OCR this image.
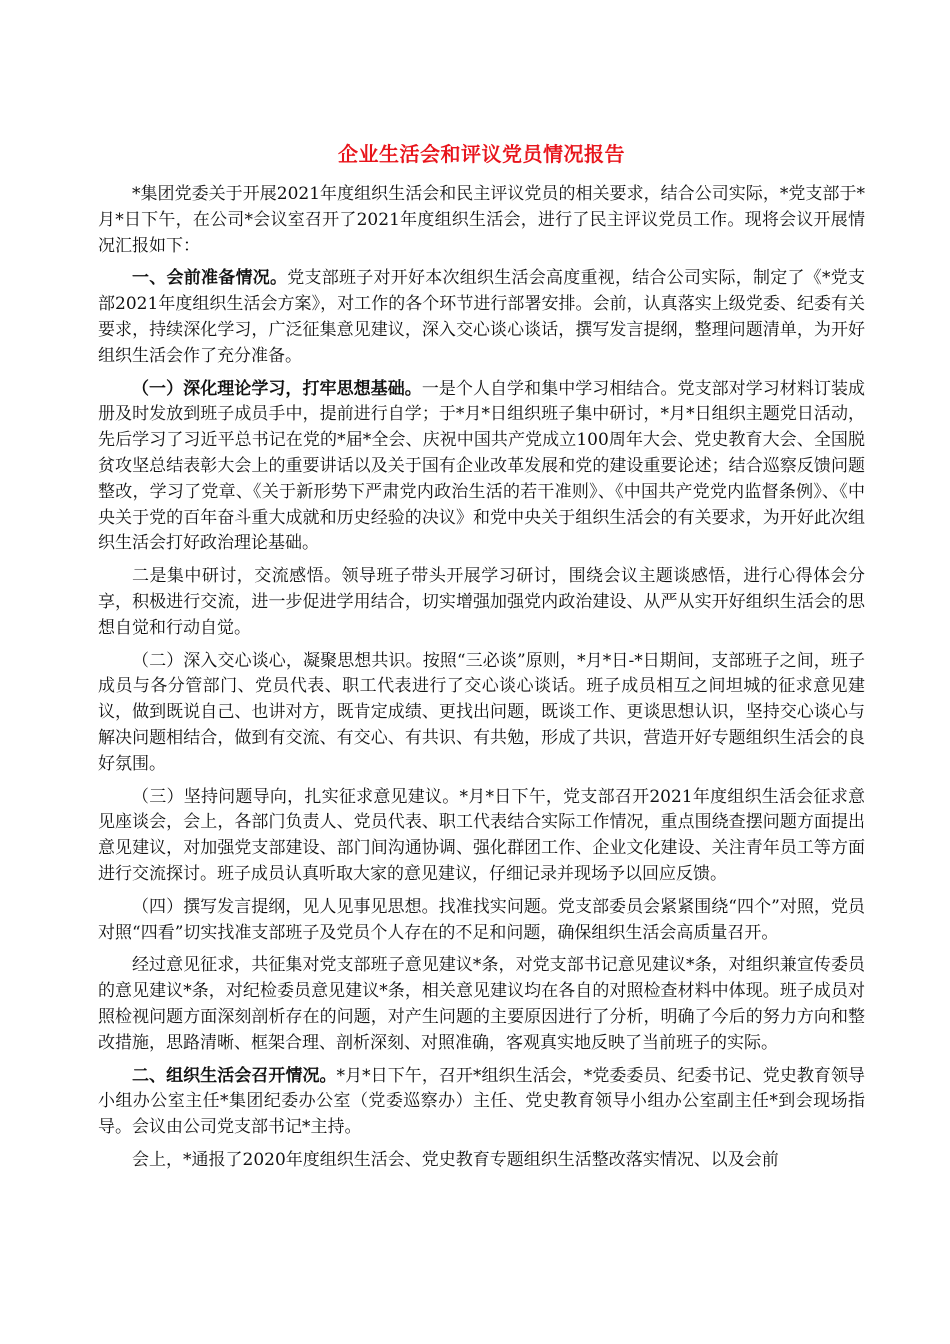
企业生活会和评议党员情况报告

*集团党委关于开展2021年度组织生活会和民主评议党员的相关要求，结合公司实际，*党支部于*月*日下午，在公司*会议室召开了2021年度组织生活会，进行了民主评议党员工作。现将会议开展情况汇报如下：

一、会前准备情况。党支部班子对开好本次组织生活会高度重视，结合公司实际，制定了《*党支部2021年度组织生活会方案》，对工作的各个环节进行部署安排。会前，认真落实上级党委、纪委有关要求，持续深化学习，广泛征集意见建议，深入交心谈心谈话，撰写发言提纲，整理问题清单，为开好组织生活会作了充分准备。

（一）深化理论学习，打牢思想基础。一是个人自学和集中学习相结合。党支部对学习材料订装成册及时发放到班子成员手中，提前进行自学；于*月*日组织班子集中研讨，*月*日组织主题党日活动，先后学习了习近平总书记在党的*届*全会、庆祝中国共产党成立100周年大会、党史教育大会、全国脱贫攻坚总结表彰大会上的重要讲话以及关于国有企业改革发展和党的建设重要论述；结合巡察反馈问题整改，学习了党章、《关于新形势下严肃党内政治生活的若干准则》、《中国共产党党内监督条例》、《中央关于党的百年奋斗重大成就和历史经验的决议》和党中央关于组织生活会的有关要求，为开好此次组织生活会打好政治理论基础。

二是集中研讨，交流感悟。领导班子带头开展学习研讨，围绕会议主题谈感悟，进行心得体会分享，积极进行交流，进一步促进学用结合，切实增强加强党内政治建设、从严从实开好组织生活会的思想自觉和行动自觉。

（二）深入交心谈心，凝聚思想共识。按照“三必谈”原则，*月*日-*日期间，支部班子之间，班子成员与各分管部门、党员代表、职工代表进行了交心谈心谈话。班子成员相互之间坦城的征求意见建议，做到既说自己、也讲对方，既肯定成绩、更找出问题，既谈工作、更谈思想认识，坚持交心谈心与解决问题相结合，做到有交流、有交心、有共识、有共勉，形成了共识，营造开好专题组织生活会的良好氛围。

（三）坚持问题导向，扎实征求意见建议。*月*日下午，党支部召开2021年度组织生活会征求意见座谈会，会上，各部门负责人、党员代表、职工代表结合实际工作情况，重点围绕查摆问题方面提出意见建议，对加强党支部建设、部门间沟通协调、强化群团工作、企业文化建设、关注青年员工等方面进行交流探讨。班子成员认真听取大家的意见建议，仔细记录并现场予以回应反馈。

（四）撰写发言提纲，见人见事见思想。找准找实问题。党支部委员会紧紧围绕“四个”对照，党员对照“四看”切实找准支部班子及党员个人存在的不足和问题，确保组织生活会高质量召开。

经过意见征求，共征集对党支部班子意见建议*条，对党支部书记意见建议*条，对组织兼宣传委员的意见建议*条，对纪检委员意见建议*条，相关意见建议均在各自的对照检查材料中体现。班子成员对照检视问题方面深刻剖析存在的问题，对产生问题的主要原因进行了分析，明确了今后的努力方向和整改措施，思路清晰、框架合理、剖析深刻、对照准确，客观真实地反映了当前班子的实际。

二、组织生活会召开情况。*月*日下午，召开*组织生活会，*党委委员、纪委书记、党史教育领导小组办公室主任*集团纪委办公室（党委巡察办）主任、党史教育领导小组办公室副主任*到会现场指导。会议由公司党支部书记*主持。

会上，*通报了2020年度组织生活会、党史教育专题组织生活整改落实情况、以及会前
